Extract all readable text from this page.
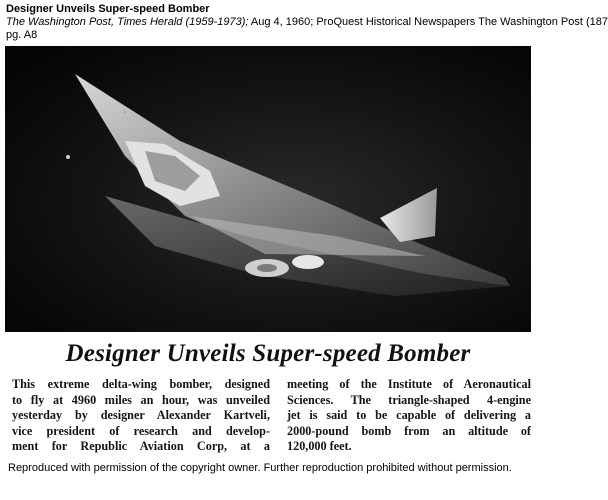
Designer Unveils Super-speed Bomber
The Washington Post, Times Herald (1959-1973); Aug 4, 1960; ProQuest Historical Newspapers The Washington Post (187
pg. A8
Designer Unveils Super-speed Bomber
This extreme delta-wing bomber, designed
to fly at 4960 miles an hour, was unveiled
yesterday by designer Alexander Kartveli,
vice president of research and develop-
ment for Republic Aviation Corp, at a
meeting of the Institute of Aeronautical
Sciences. The triangle-shaped 4-engine
jet is said to be capable of delivering a
2000-pound bomb from an altitude of
120,000 feet.
Reproduced with permission of the copyright owner. Further reproduction prohibited without permission.
